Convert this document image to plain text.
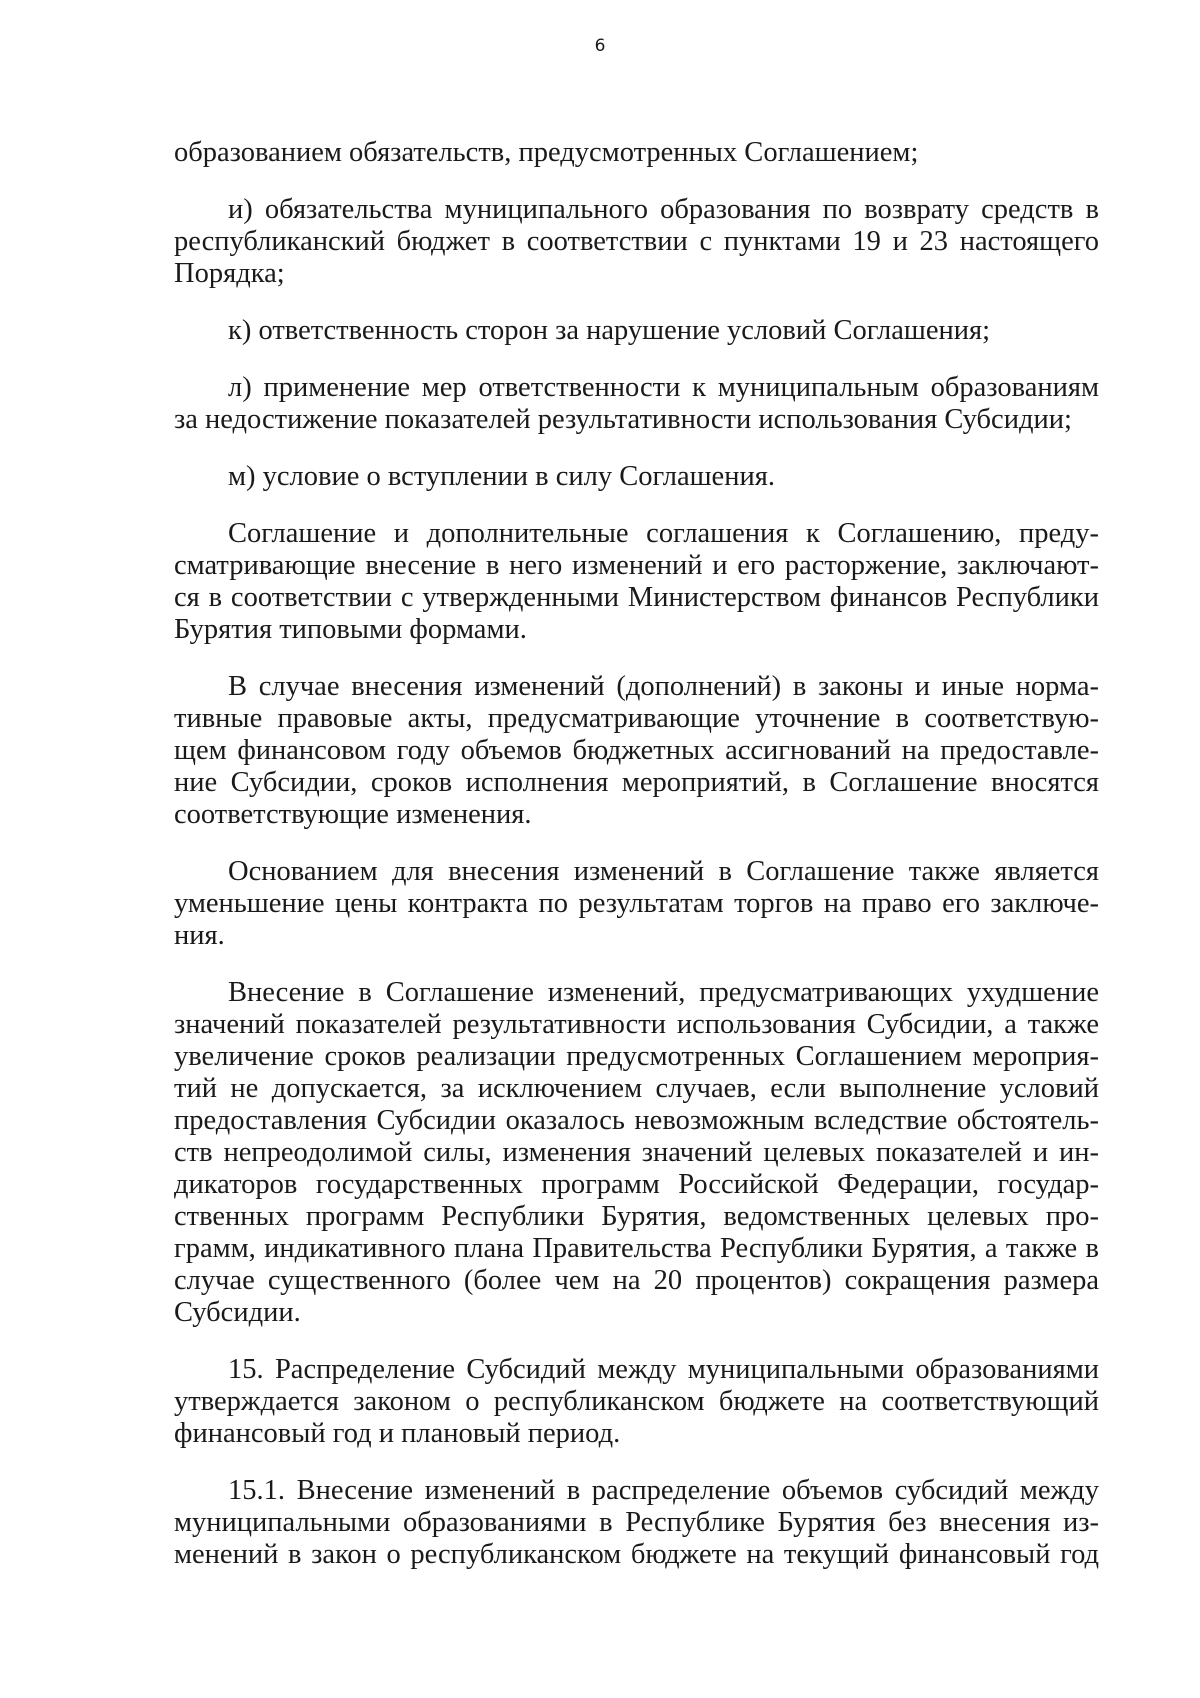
6
образованием обязательств, предусмотренных Соглашением;
и) обязательства муниципального образования по возврату средств в
республиканский бюджет в соответствии с пунктами 19 и 23 настоящего
Порядка;
к) ответственность сторон за нарушение условий Соглашения;
л) применение мер ответственности к муниципальным образованиям
за недостижение показателей результативности использования Субсидии;
м) условие о вступлении в силу Соглашения.
Соглашение и дополнительные соглашения к Соглашению, преду-
сматривающие внесение в него изменений и его расторжение, заключают-
ся в соответствии с утвержденными Министерством финансов Республики
Бурятия типовыми формами.
В случае внесения изменений (дополнений) в законы и иные норма-
тивные правовые акты, предусматривающие уточнение в соответствую-
щем финансовом году объемов бюджетных ассигнований на предоставле-
ние Субсидии, сроков исполнения мероприятий, в Соглашение вносятся
соответствующие изменения.
Основанием для внесения изменений в Соглашение также является
уменьшение цены контракта по результатам торгов на право его заключе-
ния.
Внесение в Соглашение изменений, предусматривающих ухудшение
значений показателей результативности использования Субсидии, а также
увеличение сроков реализации предусмотренных Соглашением мероприя-
тий не допускается, за исключением случаев, если выполнение условий
предоставления Субсидии оказалось невозможным вследствие обстоятель-
ств непреодолимой силы, изменения значений целевых показателей и ин-
дикаторов государственных программ Российской Федерации, государ-
ственных программ Республики Бурятия, ведомственных целевых про-
грамм, индикативного плана Правительства Республики Бурятия, а также в
случае существенного (более чем на 20 процентов) сокращения размера
Субсидии.
15. Распределение Субсидий между муниципальными образованиями
утверждается законом о республиканском бюджете на соответствующий
финансовый год и плановый период.
15.1. Внесение изменений в распределение объемов субсидий между
муниципальными образованиями в Республике Бурятия без внесения из-
менений в закон о республиканском бюджете на текущий финансовый год
